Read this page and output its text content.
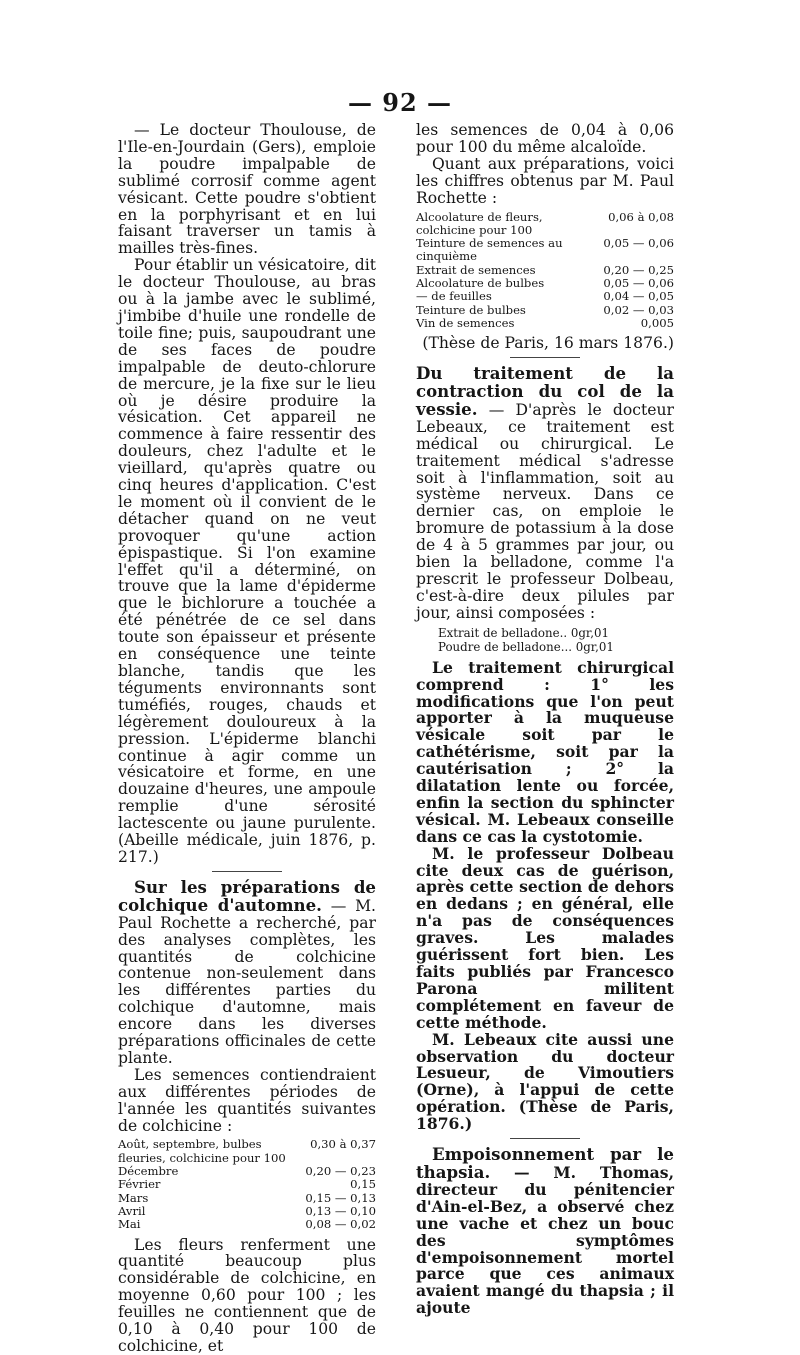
— 92 —

— Le docteur Thoulouse, de l'Ile-en-Jourdain (Gers), emploie la poudre impalpable de sublimé corrosif comme agent vésicant. Cette poudre s'obtient en la porphyrisant et en lui faisant traverser un tamis à mailles très-fines.

Pour établir un vésicatoire, dit le docteur Thoulouse, au bras ou à la jambe avec le sublimé, j'imbibe d'huile une rondelle de toile fine; puis, saupoudrant une de ses faces de poudre impalpable de deuto-chlorure de mercure, je la fixe sur le lieu où je désire produire la vésication. Cet appareil ne commence à faire ressentir des douleurs, chez l'adulte et le vieillard, qu'après quatre ou cinq heures d'application. C'est le moment où il convient de le détacher quand on ne veut provoquer qu'une action épispastique. Si l'on examine l'effet qu'il a déterminé, on trouve que la lame d'épiderme que le bichlorure a touchée a été pénétrée de ce sel dans toute son épaisseur et présente en conséquence une teinte blanche, tandis que les téguments environnants sont tuméfiés, rouges, chauds et légèrement douloureux à la pression. L'épiderme blanchi continue à agir comme un vésicatoire et forme, en une douzaine d'heures, une ampoule remplie d'une sérosité lactescente ou jaune purulente. (Abeille médicale, juin 1876, p. 217.)

Sur les préparations de colchique d'automne. — M. Paul Rochette a recherché, par des analyses complètes, les quantités de colchicine contenue non-seulement dans les différentes parties du colchique d'automne, mais encore dans les diverses préparations officinales de cette plante.

Les semences contiendraient aux différentes périodes de l'année les quantités suivantes de colchicine :

Août, septembre, bulbes fleuries, colchicine pour 100	0,30 à 0,37
Décembre	0,20 — 0,23
Février	0,15
Mars	0,15 — 0,13
Avril	0,13 — 0,10
Mai	0,08 — 0,02

Les fleurs renferment une quantité beaucoup plus considérable de colchicine, en moyenne 0,60 pour 100 ; les feuilles ne contiennent que de 0,10 à 0,40 pour 100 de colchicine, et

les semences de 0,04 à 0,06 pour 100 du même alcaloïde.

Quant aux préparations, voici les chiffres obtenus par M. Paul Rochette :

Alcoolature de fleurs, colchicine pour 100	0,06 à 0,08
Teinture de semences au cinquième	0,05 — 0,06
Extrait de semences	0,20 — 0,25
Alcoolature de bulbes	0,05 — 0,06
— de feuilles	0,04 — 0,05
Teinture de bulbes	0,02 — 0,03
Vin de semences	0,005

(Thèse de Paris, 16 mars 1876.)

Du traitement de la contraction du col de la vessie. — D'après le docteur Lebeaux, ce traitement est médical ou chirurgical. Le traitement médical s'adresse soit à l'inflammation, soit au système nerveux. Dans ce dernier cas, on emploie le bromure de potassium à la dose de 4 à 5 grammes par jour, ou bien la belladone, comme l'a prescrit le professeur Dolbeau, c'est-à-dire deux pilules par jour, ainsi composées :

Extrait de belladone.. 0gr,01
Poudre de belladone... 0gr,01

Le traitement chirurgical comprend : 1° les modifications que l'on peut apporter à la muqueuse vésicale soit par le cathétérisme, soit par la cautérisation ; 2° la dilatation lente ou forcée, enfin la section du sphincter vésical. M. Lebeaux conseille dans ce cas la cystotomie.

M. le professeur Dolbeau cite deux cas de guérison, après cette section de dehors en dedans ; en général, elle n'a pas de conséquences graves. Les malades guérissent fort bien. Les faits publiés par Francesco Parona militent complétement en faveur de cette méthode.

M. Lebeaux cite aussi une observation du docteur Lesueur, de Vimoutiers (Orne), à l'appui de cette opération. (Thèse de Paris, 1876.)

Empoisonnement par le thapsia. — M. Thomas, directeur du pénitencier d'Ain-el-Bez, a observé chez une vache et chez un bouc des symptômes d'empoisonnement mortel parce que ces animaux avaient mangé du thapsia ; il ajoute
